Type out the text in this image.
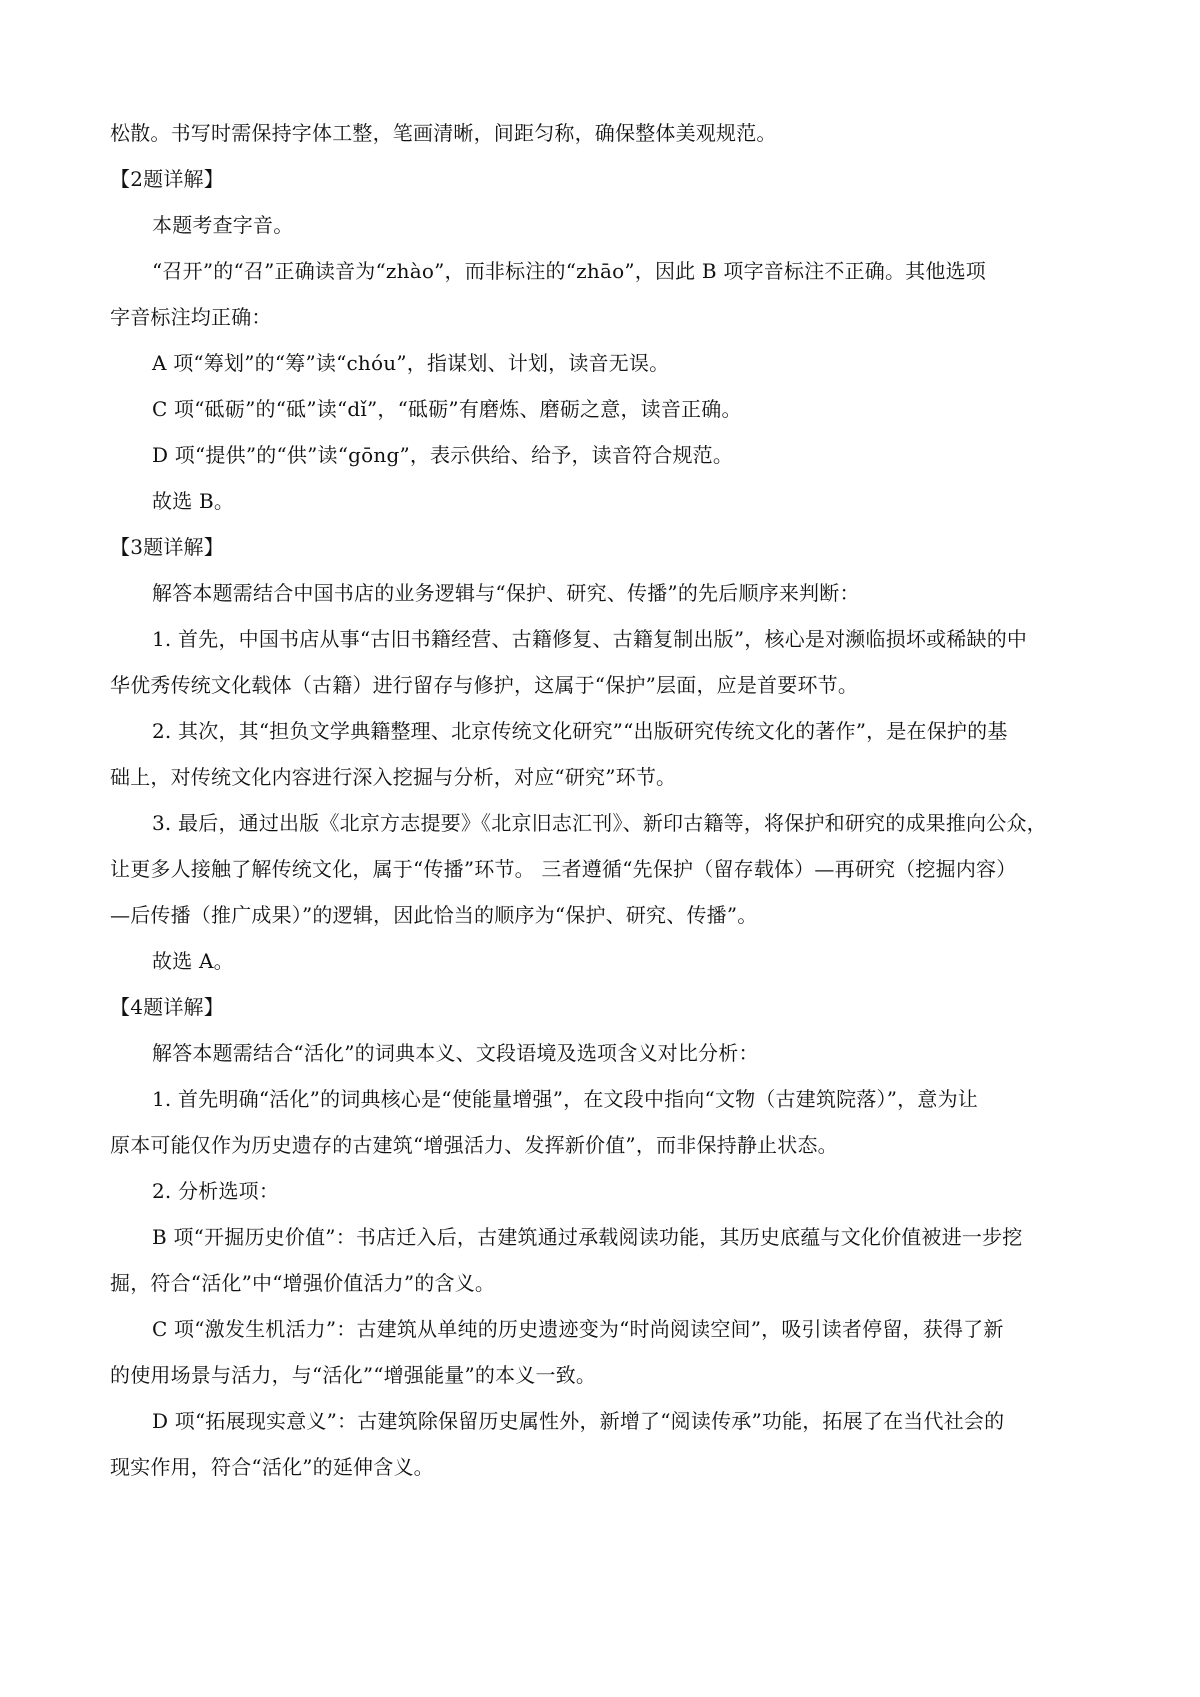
松散。书写时需保持字体工整，笔画清晰，间距匀称，确保整体美观规范。
【2题详解】
本题考查字音。
“召开”的“召”正确读音为“zhào”，而非标注的“zhāo”，因此 B 项字音标注不正确。其他选项
字音标注均正确：
A 项“筹划”的“筹”读“chóu”，指谋划、计划，读音无误。
C 项“砥砺”的“砥”读“dǐ”，“砥砺”有磨炼、磨砺之意，读音正确。
D 项“提供”的“供”读“gōng”，表示供给、给予，读音符合规范。
故选 B。
【3题详解】
解答本题需结合中国书店的业务逻辑与“保护、研究、传播”的先后顺序来判断：
1. 首先，中国书店从事“古旧书籍经营、古籍修复、古籍复制出版”，核心是对濒临损坏或稀缺的中
华优秀传统文化载体（古籍）进行留存与修护，这属于“保护”层面，应是首要环节。
2. 其次，其“担负文学典籍整理、北京传统文化研究”“出版研究传统文化的著作”，是在保护的基
础上，对传统文化内容进行深入挖掘与分析，对应“研究”环节。
3. 最后，通过出版《北京方志提要》《北京旧志汇刊》、新印古籍等，将保护和研究的成果推向公众，
让更多人接触了解传统文化，属于“传播”环节。 三者遵循“先保护（留存载体）—再研究（挖掘内容）
—后传播（推广成果）”的逻辑，因此恰当的顺序为“保护、研究、传播”。
故选 A。
【4题详解】
解答本题需结合“活化”的词典本义、文段语境及选项含义对比分析：
1. 首先明确“活化”的词典核心是“使能量增强”，在文段中指向“文物（古建筑院落）”，意为让
原本可能仅作为历史遗存的古建筑“增强活力、发挥新价值”，而非保持静止状态。
2. 分析选项：
B 项“开掘历史价值”：书店迁入后，古建筑通过承载阅读功能，其历史底蕴与文化价值被进一步挖
掘，符合“活化”中“增强价值活力”的含义。
C 项“激发生机活力”：古建筑从单纯的历史遗迹变为“时尚阅读空间”，吸引读者停留，获得了新
的使用场景与活力，与“活化”“增强能量”的本义一致。
D 项“拓展现实意义”：古建筑除保留历史属性外，新增了“阅读传承”功能，拓展了在当代社会的
现实作用，符合“活化”的延伸含义。
